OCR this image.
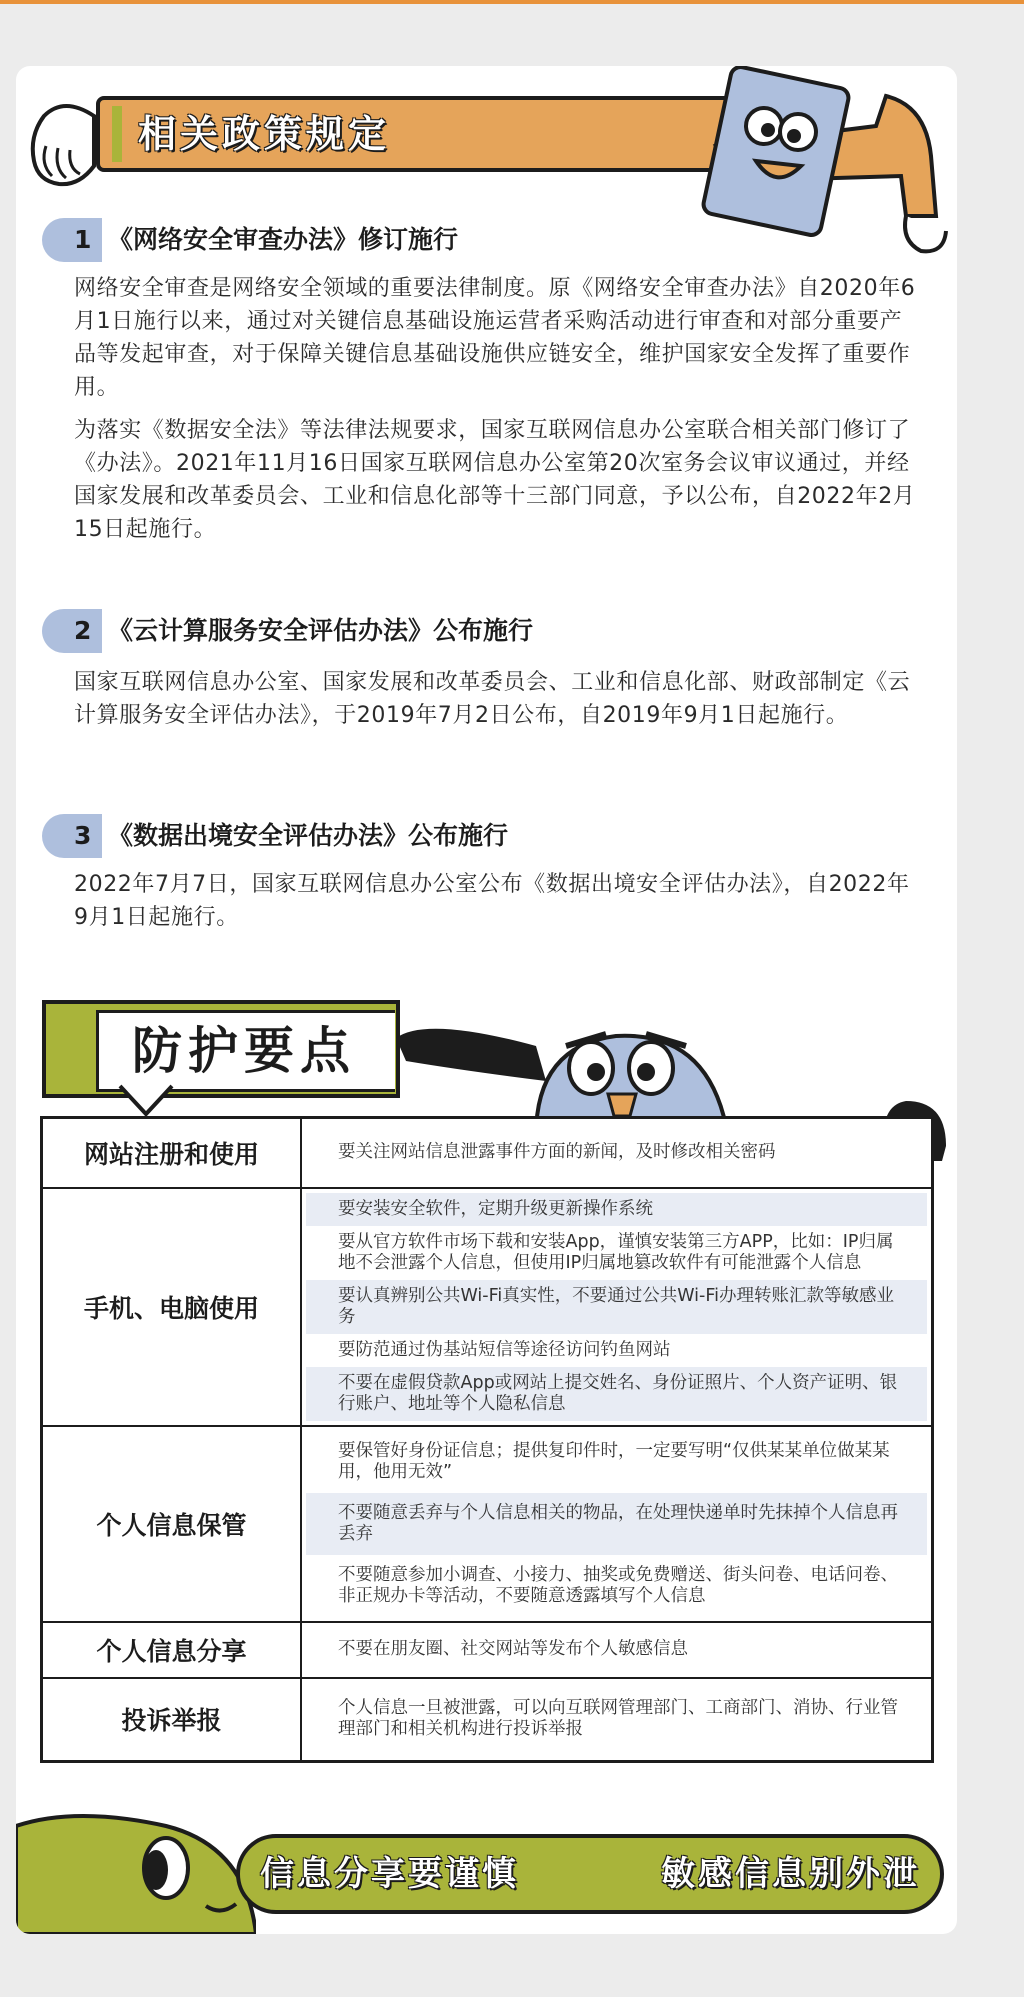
相关政策规定
1 《网络安全审查办法》修订施行

网络安全审查是网络安全领域的重要法律制度。原《网络安全审查办法》自2020年6月1日施行以来，通过对关键信息基础设施运营者采购活动进行审查和对部分重要产品等发起审查，对于保障关键信息基础设施供应链安全，维护国家安全发挥了重要作用。

为落实《数据安全法》等法律法规要求，国家互联网信息办公室联合相关部门修订了《办法》。2021年11月16日国家互联网信息办公室第20次室务会议审议通过，并经国家发展和改革委员会、工业和信息化部等十三部门同意，予以公布，自2022年2月15日起施行。

2 《云计算服务安全评估办法》公布施行

国家互联网信息办公室、国家发展和改革委员会、工业和信息化部、财政部制定《云计算服务安全评估办法》，于2019年7月2日公布，自2019年9月1日起施行。

3 《数据出境安全评估办法》公布施行

2022年7月7日，国家互联网信息办公室公布《数据出境安全评估办法》，自2022年9月1日起施行。

防护要点
网站注册和使用	要关注网站信息泄露事件方面的新闻，及时修改相关密码

手机、电脑使用	要安装安全软件，定期升级更新操作系统
要从官方软件市场下载和安装App，谨慎安装第三方APP，比如：IP归属地不会泄露个人信息，但使用IP归属地篡改软件有可能泄露个人信息
要认真辨别公共Wi-Fi真实性，不要通过公共Wi-Fi办理转账汇款等敏感业务
要防范通过伪基站短信等途径访问钓鱼网站
不要在虚假贷款App或网站上提交姓名、身份证照片、个人资产证明、银行账户、地址等个人隐私信息

个人信息保管	要保管好身份证信息；提供复印件时，一定要写明“仅供某某单位做某某用，他用无效”
不要随意丢弃与个人信息相关的物品，在处理快递单时先抹掉个人信息再丢弃
不要随意参加小调查、小接力、抽奖或免费赠送、街头问卷、电话问卷、非正规办卡等活动，不要随意透露填写个人信息

个人信息分享	不要在朋友圈、社交网站等发布个人敏感信息

投诉举报	个人信息一旦被泄露，可以向互联网管理部门、工商部门、消协、行业管理部门和相关机构进行投诉举报
信息分享要谨慎	敏感信息别外泄
